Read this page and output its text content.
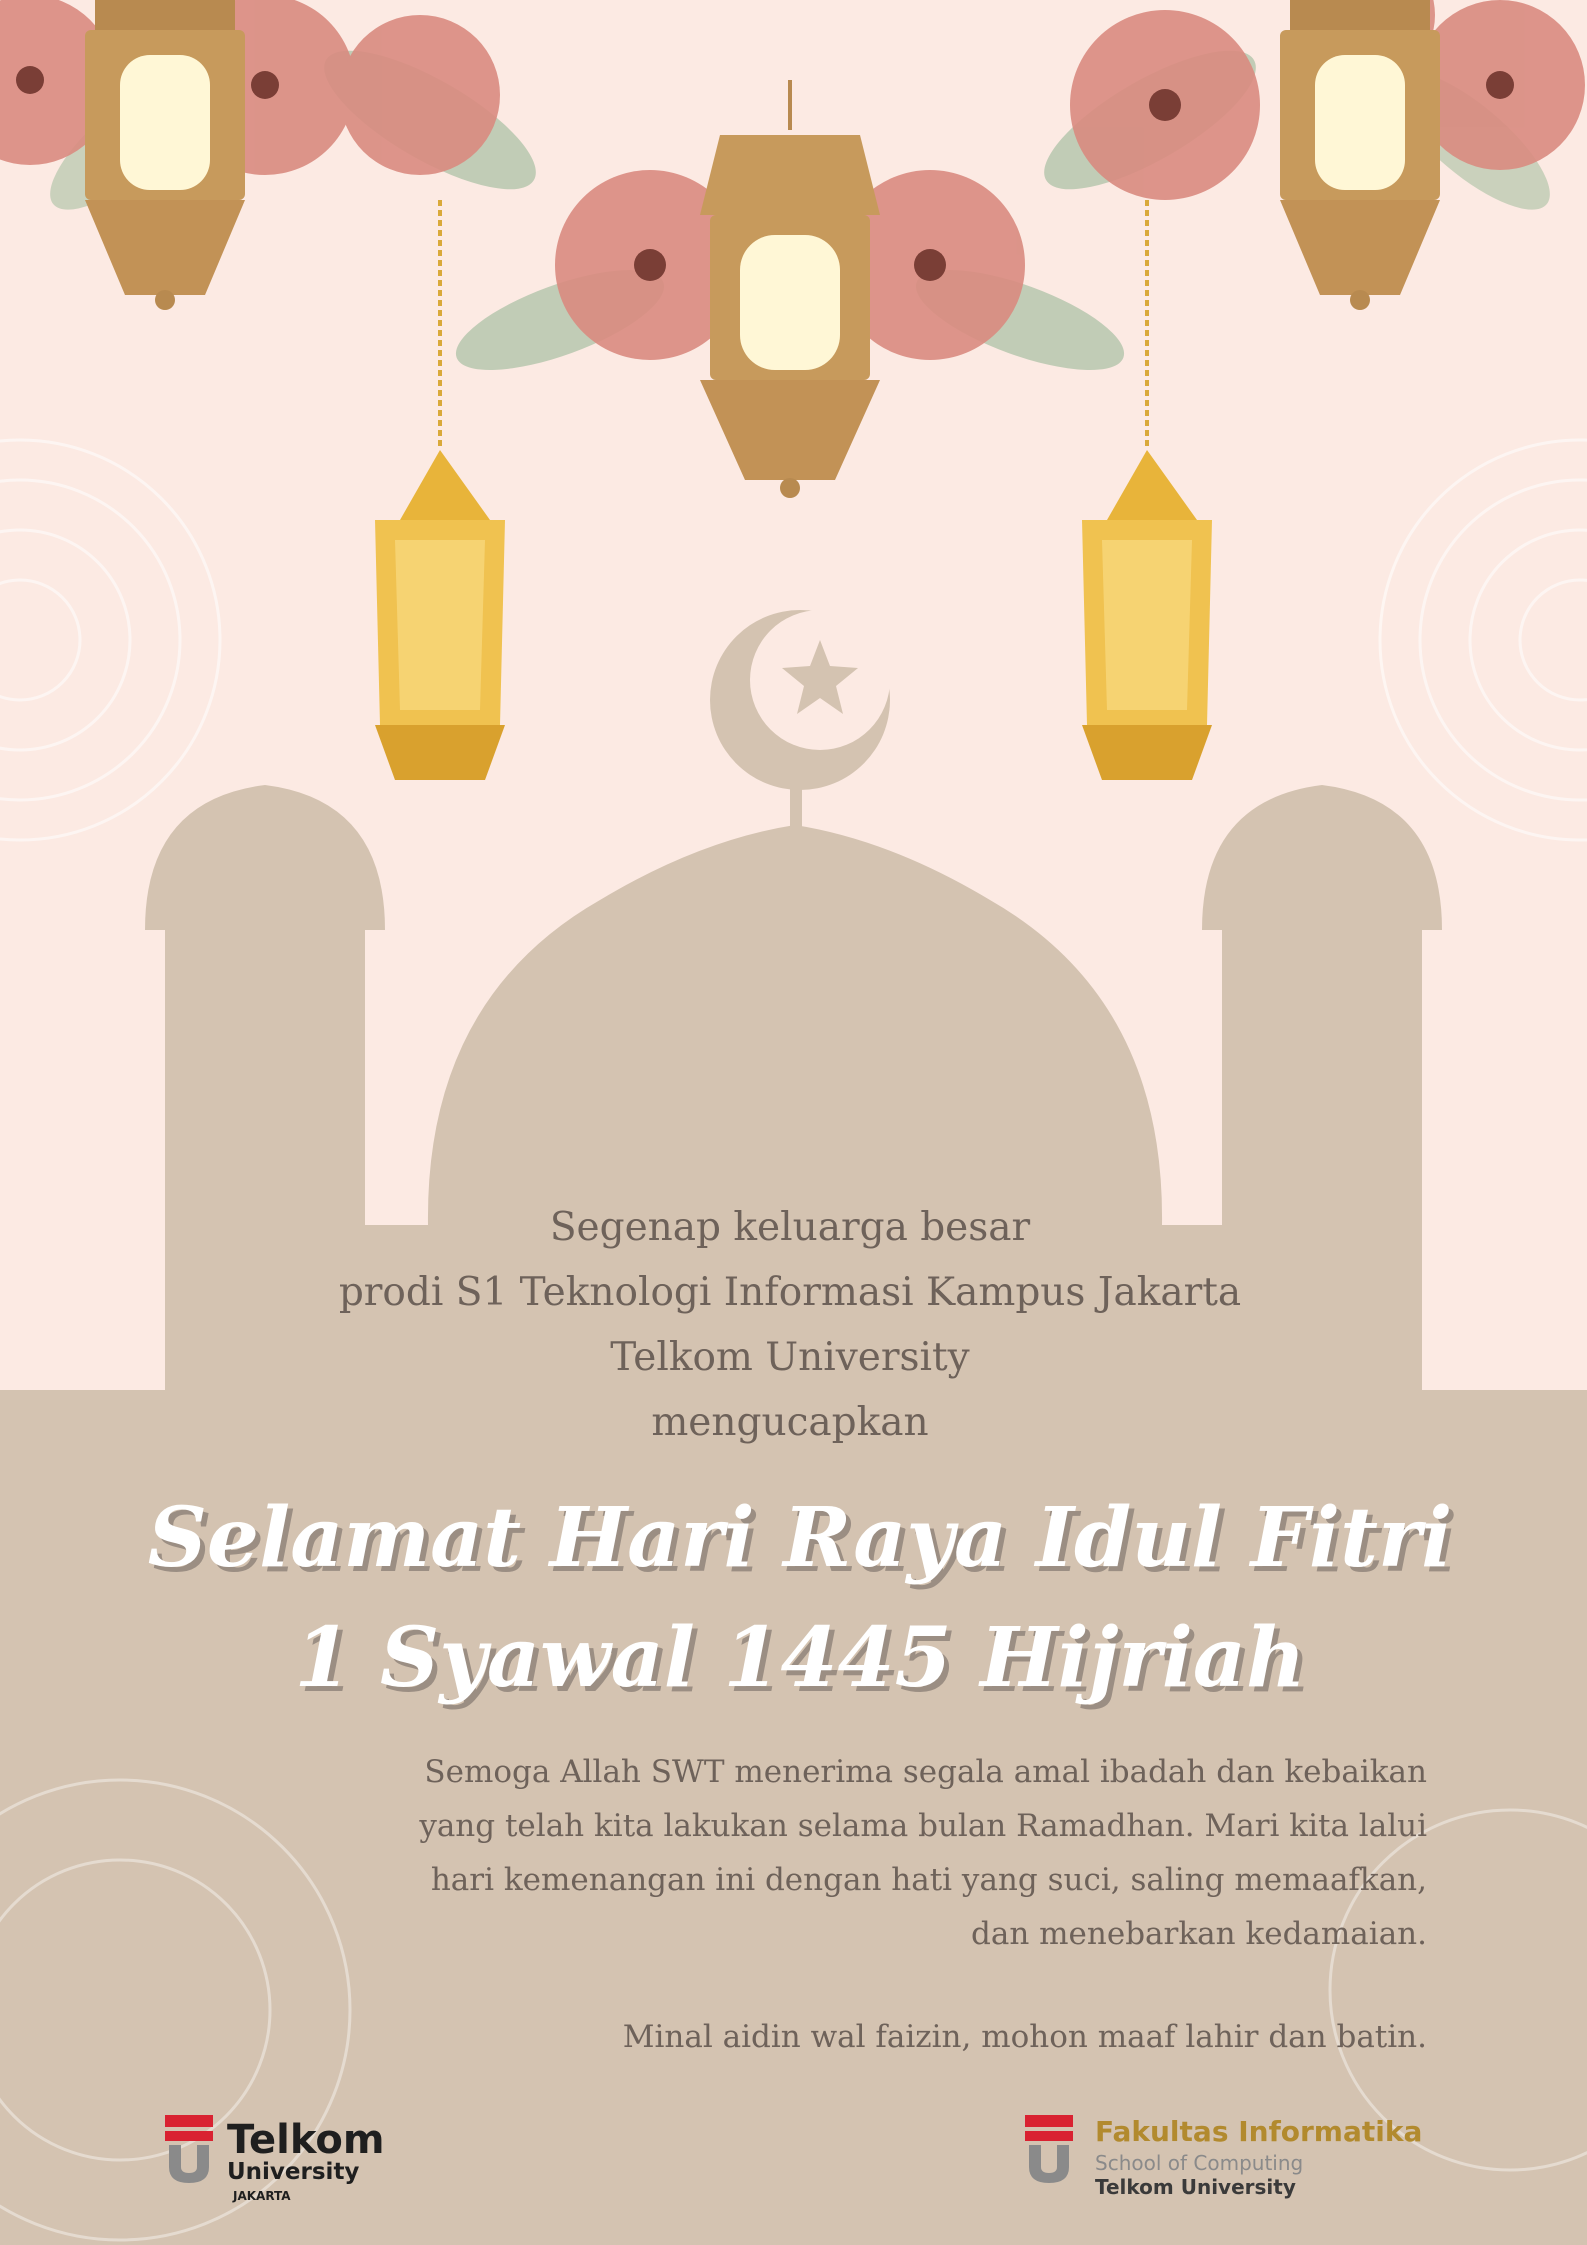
Segenap keluarga besar
prodi S1 Teknologi Informasi Kampus Jakarta
Telkom University
mengucapkan
Selamat Hari Raya Idul Fitri
1 Syawal 1445 Hijriah
Semoga Allah SWT menerima segala amal ibadah dan kebaikan
yang telah kita lakukan selama bulan Ramadhan. Mari kita lalui
hari kemenangan ini dengan hati yang suci, saling memaafkan,
dan menebarkan kedamaian.
Minal aidin wal faizin, mohon maaf lahir dan batin.
Telkom
University
JAKARTA
Fakultas Informatika
School of Computing
Telkom University
